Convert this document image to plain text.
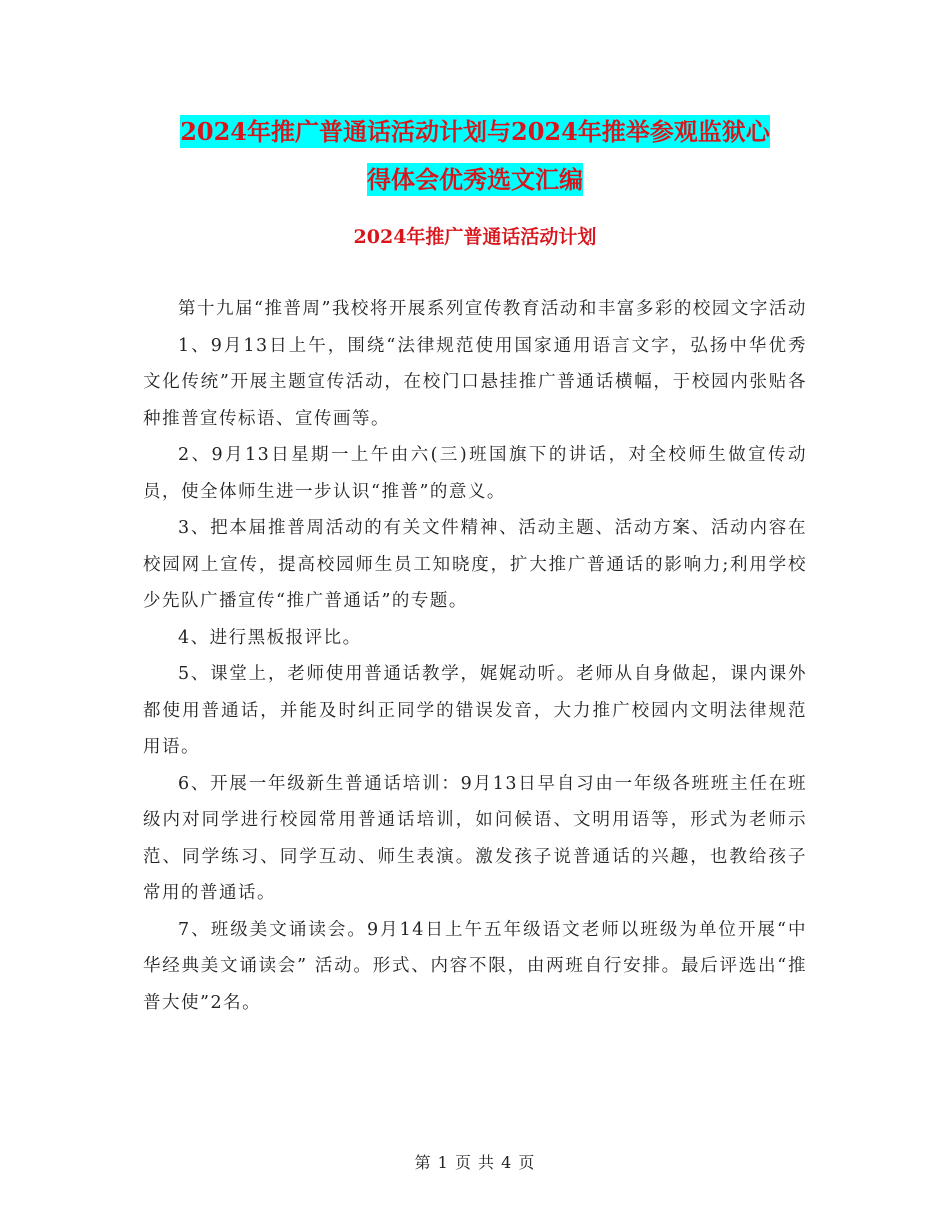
2024年推广普通话活动计划与2024年推举参观监狱心
得体会优秀选文汇编
2024年推广普通话活动计划

第十九届“推普周”我校将开展系列宣传教育活动和丰富多彩的校园文字活动

1、9月13日上午，围绕“法律规范使用国家通用语言文字，弘扬中华优秀文化传统”开展主题宣传活动，在校门口悬挂推广普通话横幅，于校园内张贴各种推普宣传标语、宣传画等。

2、9月13日星期一上午由六(三)班国旗下的讲话，对全校师生做宣传动员，使全体师生进一步认识“推普”的意义。

3、把本届推普周活动的有关文件精神、活动主题、活动方案、活动内容在校园网上宣传，提高校园师生员工知晓度，扩大推广普通话的影响力;利用学校少先队广播宣传“推广普通话”的专题。

4、进行黑板报评比。

5、课堂上，老师使用普通话教学，娓娓动听。老师从自身做起，课内课外都使用普通话，并能及时纠正同学的错误发音，大力推广校园内文明法律规范用语。

6、开展一年级新生普通话培训：9月13日早自习由一年级各班班主任在班级内对同学进行校园常用普通话培训，如问候语、文明用语等，形式为老师示范、同学练习、同学互动、师生表演。激发孩子说普通话的兴趣，也教给孩子常用的普通话。

7、班级美文诵读会。9月14日上午五年级语文老师以班级为单位开展“中华经典美文诵读会” 活动。形式、内容不限，由两班自行安排。最后评选出“推普大使”2名。

第 1 页 共 4 页
